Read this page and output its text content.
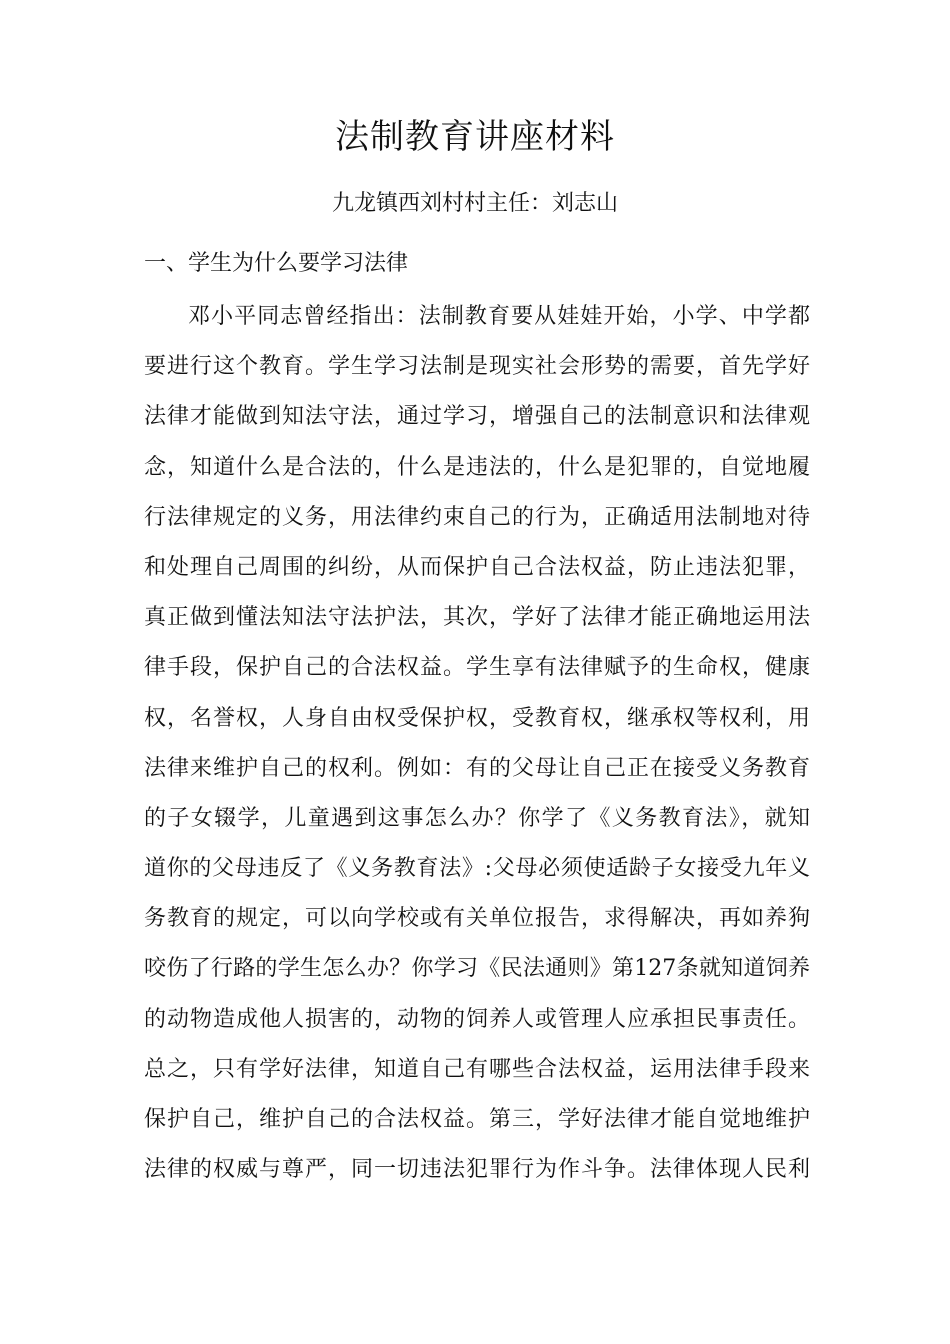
法制教育讲座材料
九龙镇西刘村村主任：刘志山
一、学生为什么要学习法律
邓小平同志曾经指出：法制教育要从娃娃开始，小学、中学都
要进行这个教育。学生学习法制是现实社会形势的需要，首先学好
法律才能做到知法守法，通过学习，增强自己的法制意识和法律观
念，知道什么是合法的，什么是违法的，什么是犯罪的，自觉地履
行法律规定的义务，用法律约束自己的行为，正确适用法制地对待
和处理自己周围的纠纷，从而保护自己合法权益，防止违法犯罪，
真正做到懂法知法守法护法，其次，学好了法律才能正确地运用法
律手段，保护自己的合法权益。学生享有法律赋予的生命权，健康
权，名誉权，人身自由权受保护权，受教育权，继承权等权利，用
法律来维护自己的权利。例如：有的父母让自己正在接受义务教育
的子女辍学，儿童遇到这事怎么办？你学了《义务教育法》，就知
道你的父母违反了《义务教育法》:父母必须使适龄子女接受九年义
务教育的规定，可以向学校或有关单位报告，求得解决，再如养狗
咬伤了行路的学生怎么办？你学习《民法通则》第127条就知道饲养
的动物造成他人损害的，动物的饲养人或管理人应承担民事责任。
总之，只有学好法律，知道自己有哪些合法权益，运用法律手段来
保护自己，维护自己的合法权益。第三，学好法律才能自觉地维护
法律的权威与尊严，同一切违法犯罪行为作斗争。法律体现人民利
